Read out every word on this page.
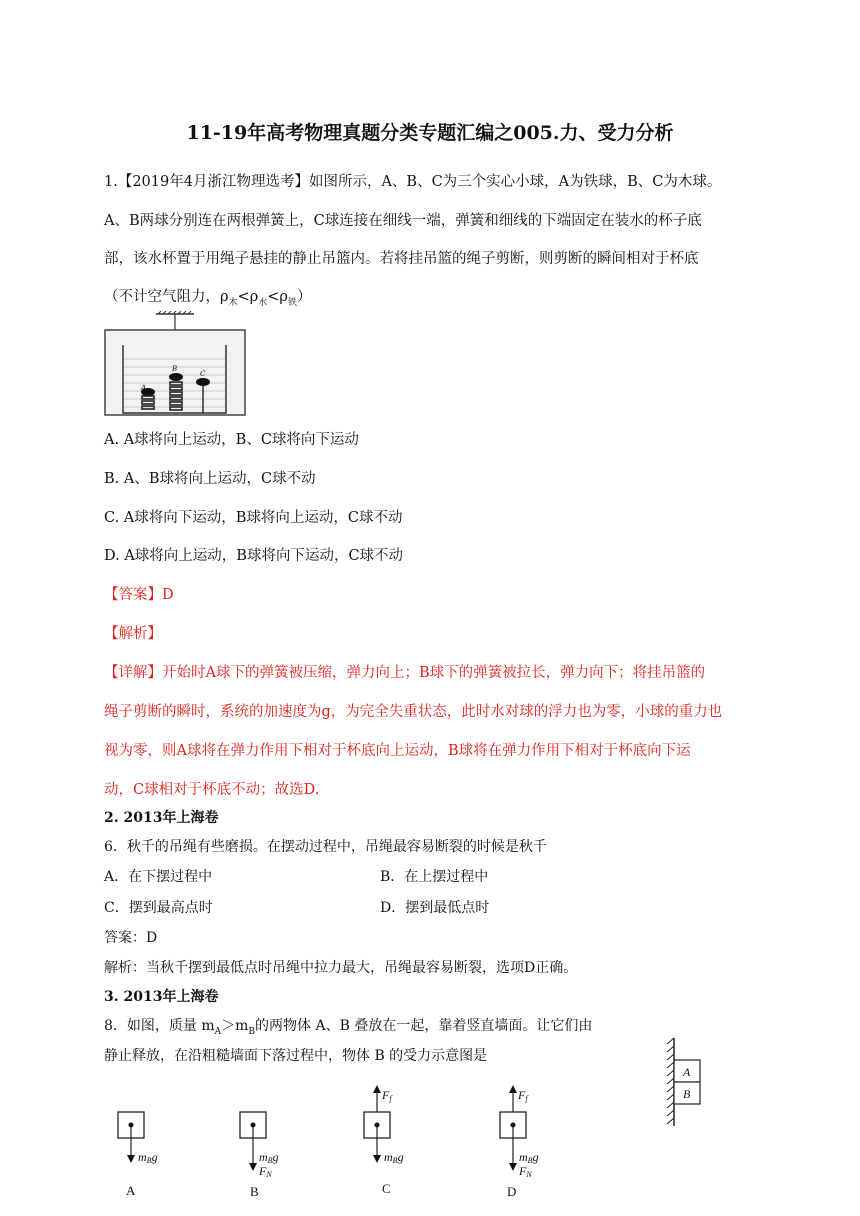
11-19年高考物理真题分类专题汇编之005.力、受力分析
1.【2019年4月浙江物理选考】如图所示，A、B、C为三个实心小球，A为铁球，B、C为木球。
A、B两球分别连在两根弹簧上，C球连接在细线一端，弹簧和细线的下端固定在装水的杯子底
部，该水杯置于用绳子悬挂的静止吊篮内。若将挂吊篮的绳子剪断，则剪断的瞬间相对于杯底
（不计空气阻力，$\rho_木<\rho_水<\rho_铁$）
A
B
C
A. A球将向上运动，B、C球将向下运动
B. A、B球将向上运动，C球不动
C. A球将向下运动，B球将向上运动，C球不动
D. A球将向上运动，B球将向下运动，C球不动
【答案】D
【解析】
【详解】开始时A球下的弹簧被压缩，弹力向上；B球下的弹簧被拉长，弹力向下；将挂吊篮的
绳子剪断的瞬时，系统的加速度为g，为完全失重状态，此时水对球的浮力也为零，小球的重力也
视为零，则A球将在弹力作用下相对于杯底向上运动，B球将在弹力作用下相对于杯底向下运
动，C球相对于杯底不动；故选D.
2. 2013年上海卷
6．秋千的吊绳有些磨损。在摆动过程中，吊绳最容易断裂的时候是秋千
A．在下摆过程中	B．在上摆过程中
C．摆到最高点时	D．摆到最低点时
答案：D
解析：当秋千摆到最低点时吊绳中拉力最大，吊绳最容易断裂，选项D正确。
3. 2013年上海卷
8．如图，质量 $m_A>m_B$的两物体 A、B 叠放在一起，靠着竖直墙面。让它们由
静止释放，在沿粗糙墙面下落过程中，物体 B 的受力示意图是
A
B
mBg
A
mBg
FN
B
Ff
mBg
C
Ff
mBg
FN
D
